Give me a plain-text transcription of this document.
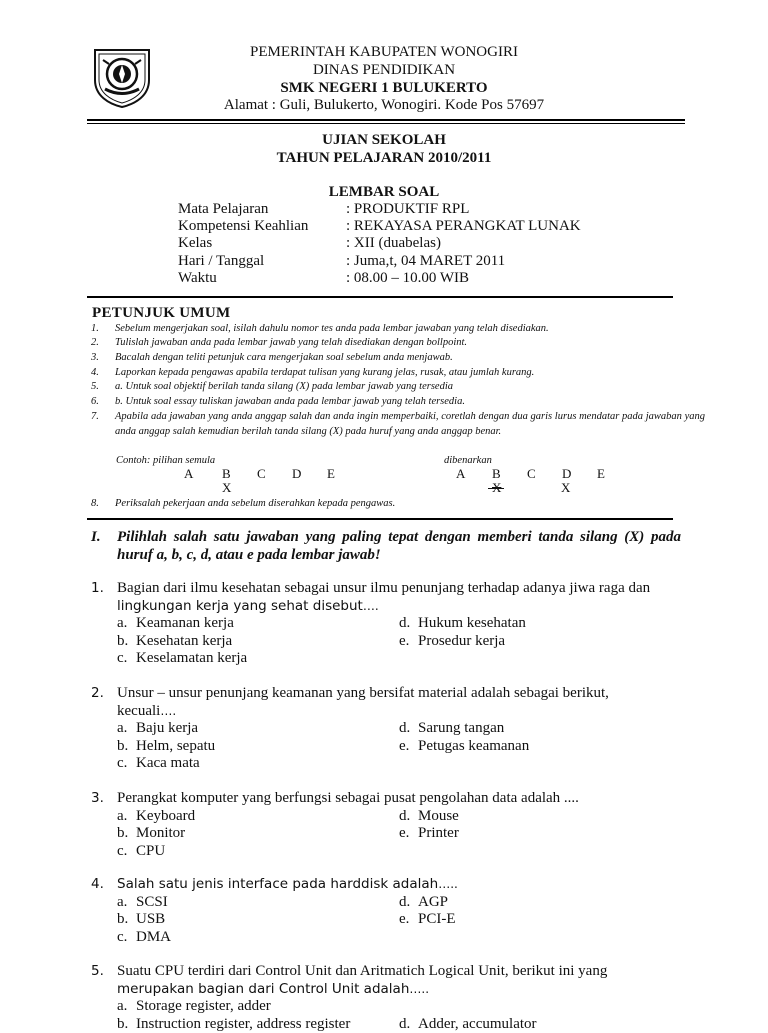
PEMERINTAH KABUPATEN WONOGIRI
DINAS PENDIDIKAN
SMK NEGERI 1 BULUKERTO
Alamat : Guli, Bulukerto, Wonogiri. Kode Pos 57697
UJIAN SEKOLAH
TAHUN PELAJARAN 2010/2011
LEMBAR SOAL
Mata Pelajaran	: PRODUKTIF RPL
Kompetensi Keahlian	: REKAYASA PERANGKAT LUNAK
Kelas	: XII (duabelas)
Hari / Tanggal	: Juma,t, 04 MARET 2011
Waktu	: 08.00 – 10.00 WIB
PETUNJUK UMUM
1. Sebelum mengerjakan soal, isilah dahulu nomor tes anda pada lembar jawaban yang telah disediakan.
2. Tulislah jawaban anda pada lembar jawab yang telah disediakan dengan bollpoint.
3. Bacalah dengan teliti petunjuk cara mengerjakan soal sebelum anda menjawab.
4. Laporkan kepada pengawas apabila terdapat tulisan yang kurang jelas, rusak, atau jumlah kurang.
5. a. Untuk soal objektif berilah tanda silang (X) pada lembar jawab yang tersedia
6. b. Untuk soal essay tuliskan jawaban anda pada lembar jawab yang telah tersedia.
7. Apabila ada jawaban yang anda anggap salah dan anda ingin memperbaiki, coretlah dengan dua garis lurus mendatar pada jawaban yang anda anggap salah kemudian berilah tanda silang (X) pada huruf yang anda anggap benar.
Contoh: pilihan semula	dibenarkan
A B C D E
X
A B C D E
X
8. Periksalah pekerjaan anda sebelum diserahkan kepada pengawas.
I. Pilihlah salah satu jawaban yang paling tepat dengan memberi tanda silang (X) pada huruf a, b, c, d, atau e pada lembar jawab!
1. Bagian dari ilmu kesehatan sebagai unsur ilmu penunjang terhadap adanya jiwa raga dan
lingkungan kerja yang sehat disebut….
a. Keamanan kerja	d. Hukum kesehatan
b. Kesehatan kerja	e. Prosedur kerja
c. Keselamatan kerja
2. Unsur – unsur penunjang keamanan yang bersifat material adalah sebagai berikut,
kecuali….
a. Baju kerja	d. Sarung tangan
b. Helm, sepatu	e. Petugas keamanan
c. Kaca mata
3. Perangkat komputer yang berfungsi sebagai pusat pengolahan data adalah ....
a. Keyboard	d. Mouse
b. Monitor	e. Printer
c. CPU
4. Salah satu jenis interface pada harddisk adalah…..
a. SCSI	d. AGP
b. USB	e. PCI-E
c. DMA
5. Suatu CPU terdiri dari Control Unit dan Aritmatich Logical Unit, berikut ini yang
merupakan bagian dari Control Unit adalah…..
a. Storage register, adder
b. Instruction register, address register	d. Adder, accumulator
